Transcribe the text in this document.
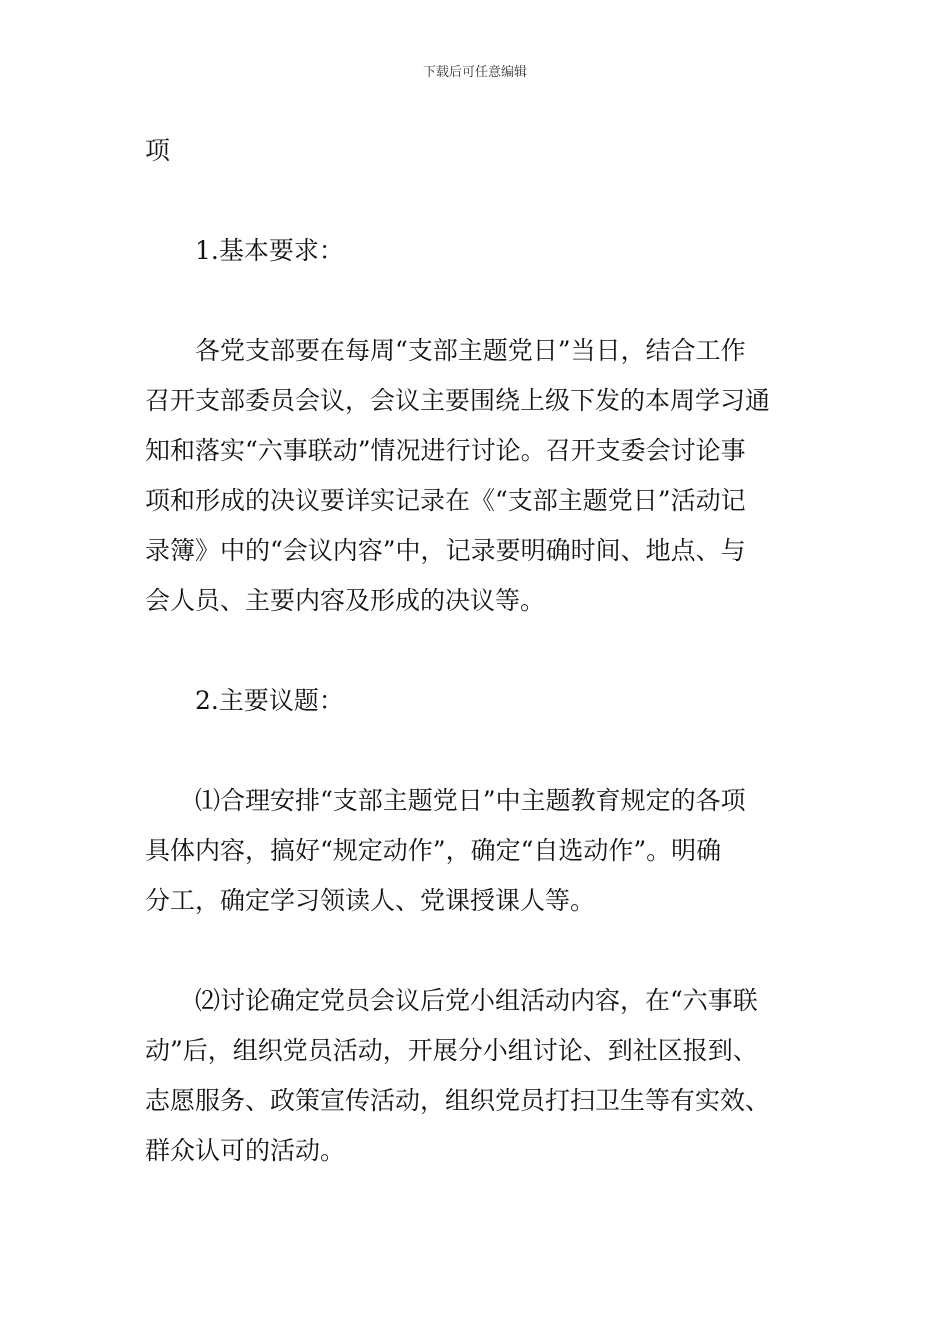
下载后可任意编辑

项

1.基本要求：

各党支部要在每周“支部主题党日”当日，结合工作

召开支部委员会议，会议主要围绕上级下发的本周学习通

知和落实“六事联动”情况进行讨论。召开支委会讨论事

项和形成的决议要详实记录在《“支部主题党日”活动记

录簿》中的“会议内容”中，记录要明确时间、地点、与

会人员、主要内容及形成的决议等。

2.主要议题：

⑴合理安排“支部主题党日”中主题教育规定的各项

具体内容，搞好“规定动作”，确定“自选动作”。明确

分工，确定学习领读人、党课授课人等。

⑵讨论确定党员会议后党小组活动内容，在“六事联

动”后，组织党员活动，开展分小组讨论、到社区报到、

志愿服务、政策宣传活动，组织党员打扫卫生等有实效、

群众认可的活动。
